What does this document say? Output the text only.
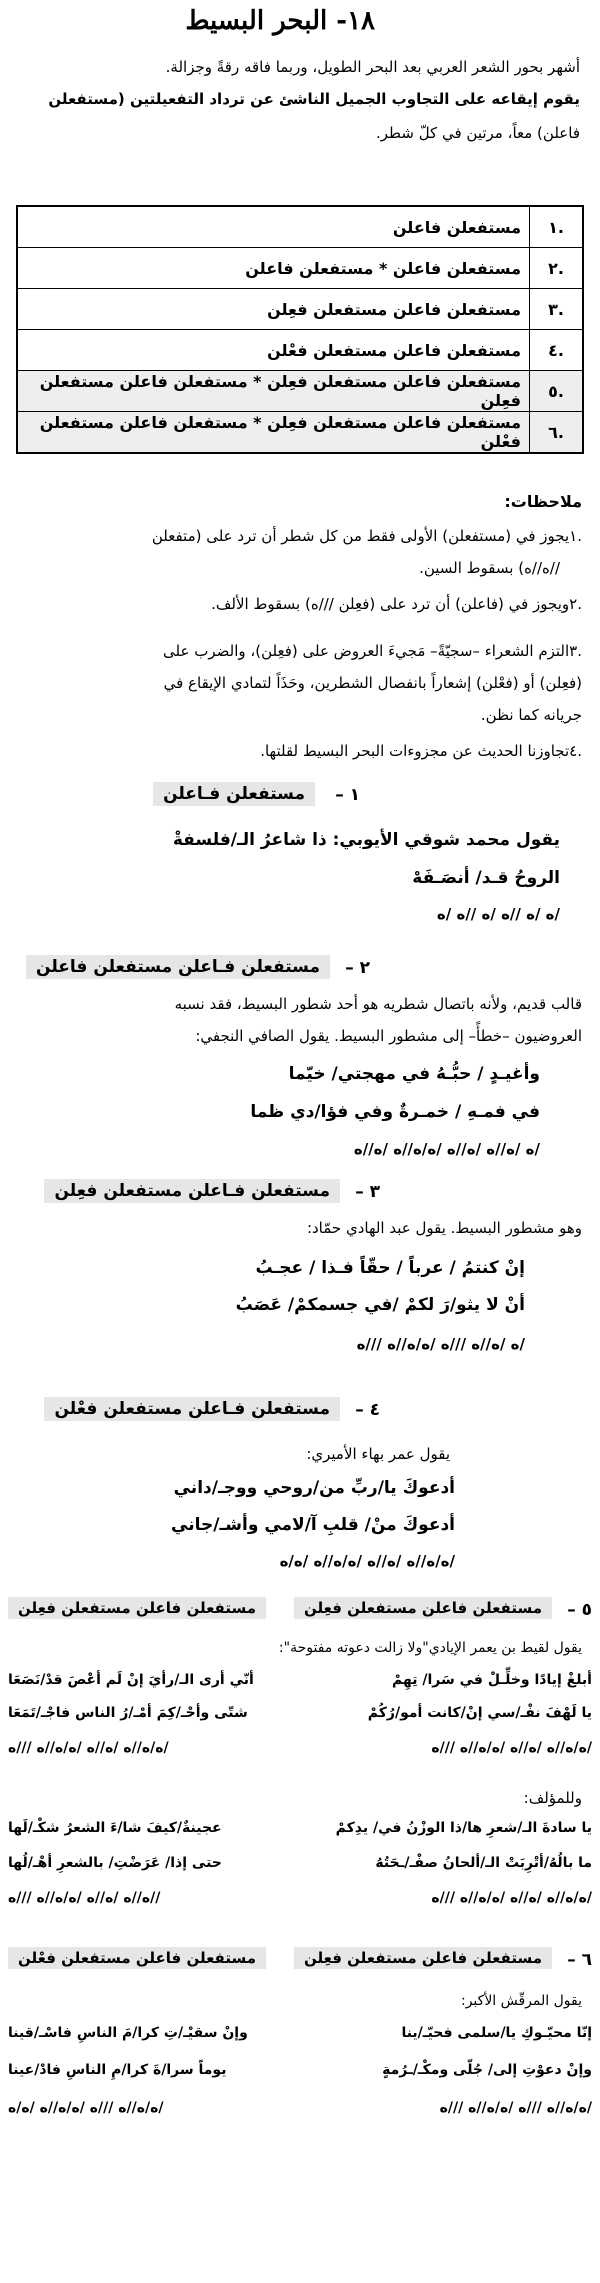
١٨- البحر البسيط
أشهر بحور الشعر العربي بعد البحر الطويل، وربما فاقه رقةً وجزالة.
يقوم إيقاعه على التجاوب الجميل الناشئ عن ترداد التفعيلتين (مستفعلن
فاعلن) معاً، مرتين في كلّ شطر.
.١	مستفعلن فاعلن
.٢	مستفعلن فاعلن * مستفعلن فاعلن
.٣	مستفعلن فاعلن مستفعلن فعِلن
.٤	مستفعلن فاعلن مستفعلن فعْلن
.٥	مستفعلن فاعلن مستفعلن فعِلن * مستفعلن فاعلن مستفعلن فعِلن
.٦	مستفعلن فاعلن مستفعلن فعِلن * مستفعلن فاعلن مستفعلن فعْلن
ملاحظات:
.١يجوز في (مستفعلن) الأولى فقط من كل شطر أن ترد على (متفعلن
//ه//ه) بسقوط السين.
.٢ويجوز في (فاعلن) أن ترد على (فعِلن ///ه) بسقوط الألف.
.٣التزم الشعراء –سجيّةً– مَجيءَ العروض على (فعِلن)، والضرب على
(فعِلن) أو (فعْلن) إشعاراً بانفصال الشطرين، وحَذَاً لتمادي الإيقاع في
جريانه كما نظن.
.٤تجاوزنا الحديث عن مجزوءات البحر البسيط لقلتها.
١ –
مستفعلن فـاعلن
يقول محمد شوقي الأيوبي: ذا شاعرُ الـ/فلسفةْ
الروحُ قـد/ أنصَـفَهْ
/ه /ه //ه /ه //ه /ه
٢ –
مستفعلن فـاعلن مستفعلن فاعلن
قالب قديم، ولأنه باتصال شطريه هو أحد شطور البسيط، فقد نسبه
العروضيون –خطأً– إلى مشطور البسيط. يقول الصافي النجفي:
وأغيـدٍ / حبُّـهُ في مهجتي/ خيّما
في فمـهِ / خمـرةٌ وفي فؤا/دي ظما
/ه /ه//ه /ه//ه /ه/ه//ه /ه//ه
٣ –
مستفعلن فـاعلن مستفعلن فعِلن
وهو مشطور البسيط. يقول عبد الهادي حمّاد:
إنْ كنتمُ / عرباً / حقّاً فـذا / عجـبُ
أنْ لا يثو/رَ لكمْ /في جسمكمْ/ عَصَبُ
/ه /ه//ه ///ه /ه/ه//ه ///ه
٤ –
مستفعلن فـاعلن مستفعلن فعْلن
يقول عمر بهاء الأميري:
أدعوكَ يا/ربِّ من/روحي ووجـ/داني
أدعوكَ منْ/ قلبِ آ/لامي وأشـ/جاني
/ه/ه//ه /ه//ه /ه/ه//ه /ه/ه
٥ –
مستفعلن فاعلن مستفعلن فعِلن
مستفعلن فاعلن مستفعلن فعِلن
يقول لقيط بن يعمر الإيادي"ولا زالت دعوته مفتوحة":
أبلغْ إيادًا وخلِّـلْ في سَرا/ تِهِمْ
أنّي أرى الـ/رأيَ إنْ لَم أعْصَ قدْ/نَصَعَا
يا لَهْفَ نفْـ/سي إنْ/كانت أمو/رُكُمْ
شتّى وأحْـ/كِمَ أمْـ/رُ الناس فاجْـ/تَمَعَا
/ه/ه//ه /ه//ه /ه/ه//ه ///ه
/ه/ه//ه /ه//ه /ه/ه//ه ///ه
وللمؤلف:
يا سادةَ الـ/شعرِ ها/ذا الوزْنُ في/ يدِكمْ
عجينةٌ/كيفَ شا/ءَ الشعرُ شكْـ/لَها
ما بالُهُ/أتْرِبَتْ الـ/ألحانُ صفْـ/ـحَتُهُ
حتى إذا/ عَرَضْتِ/ بالشعرِ أهْـ/لُها
/ه/ه//ه /ه//ه /ه/ه//ه ///ه
//ه//ه /ه//ه /ه/ه//ه ///ه
٦ –
مستفعلن فاعلن مستفعلن فعِلن
مستفعلن فاعلن مستفعلن فعْلن
يقول المرقّش الأكبر:
إنّا محيّـوكِ يا/سلمى فحيّـ/ينا
وإنْ سقيْـ/تِ كرا/مَ الناسِ فاسْـ/قينا
وإنْ دعوْتِ إلى/ جُلّى ومكْـ/ـرُمةٍ
يوماً سرا/ةَ كرا/مِ الناسِ فادْ/عينا
/ه/ه//ه ///ه /ه/ه//ه ///ه
/ه/ه//ه ///ه /ه/ه//ه /ه/ه
